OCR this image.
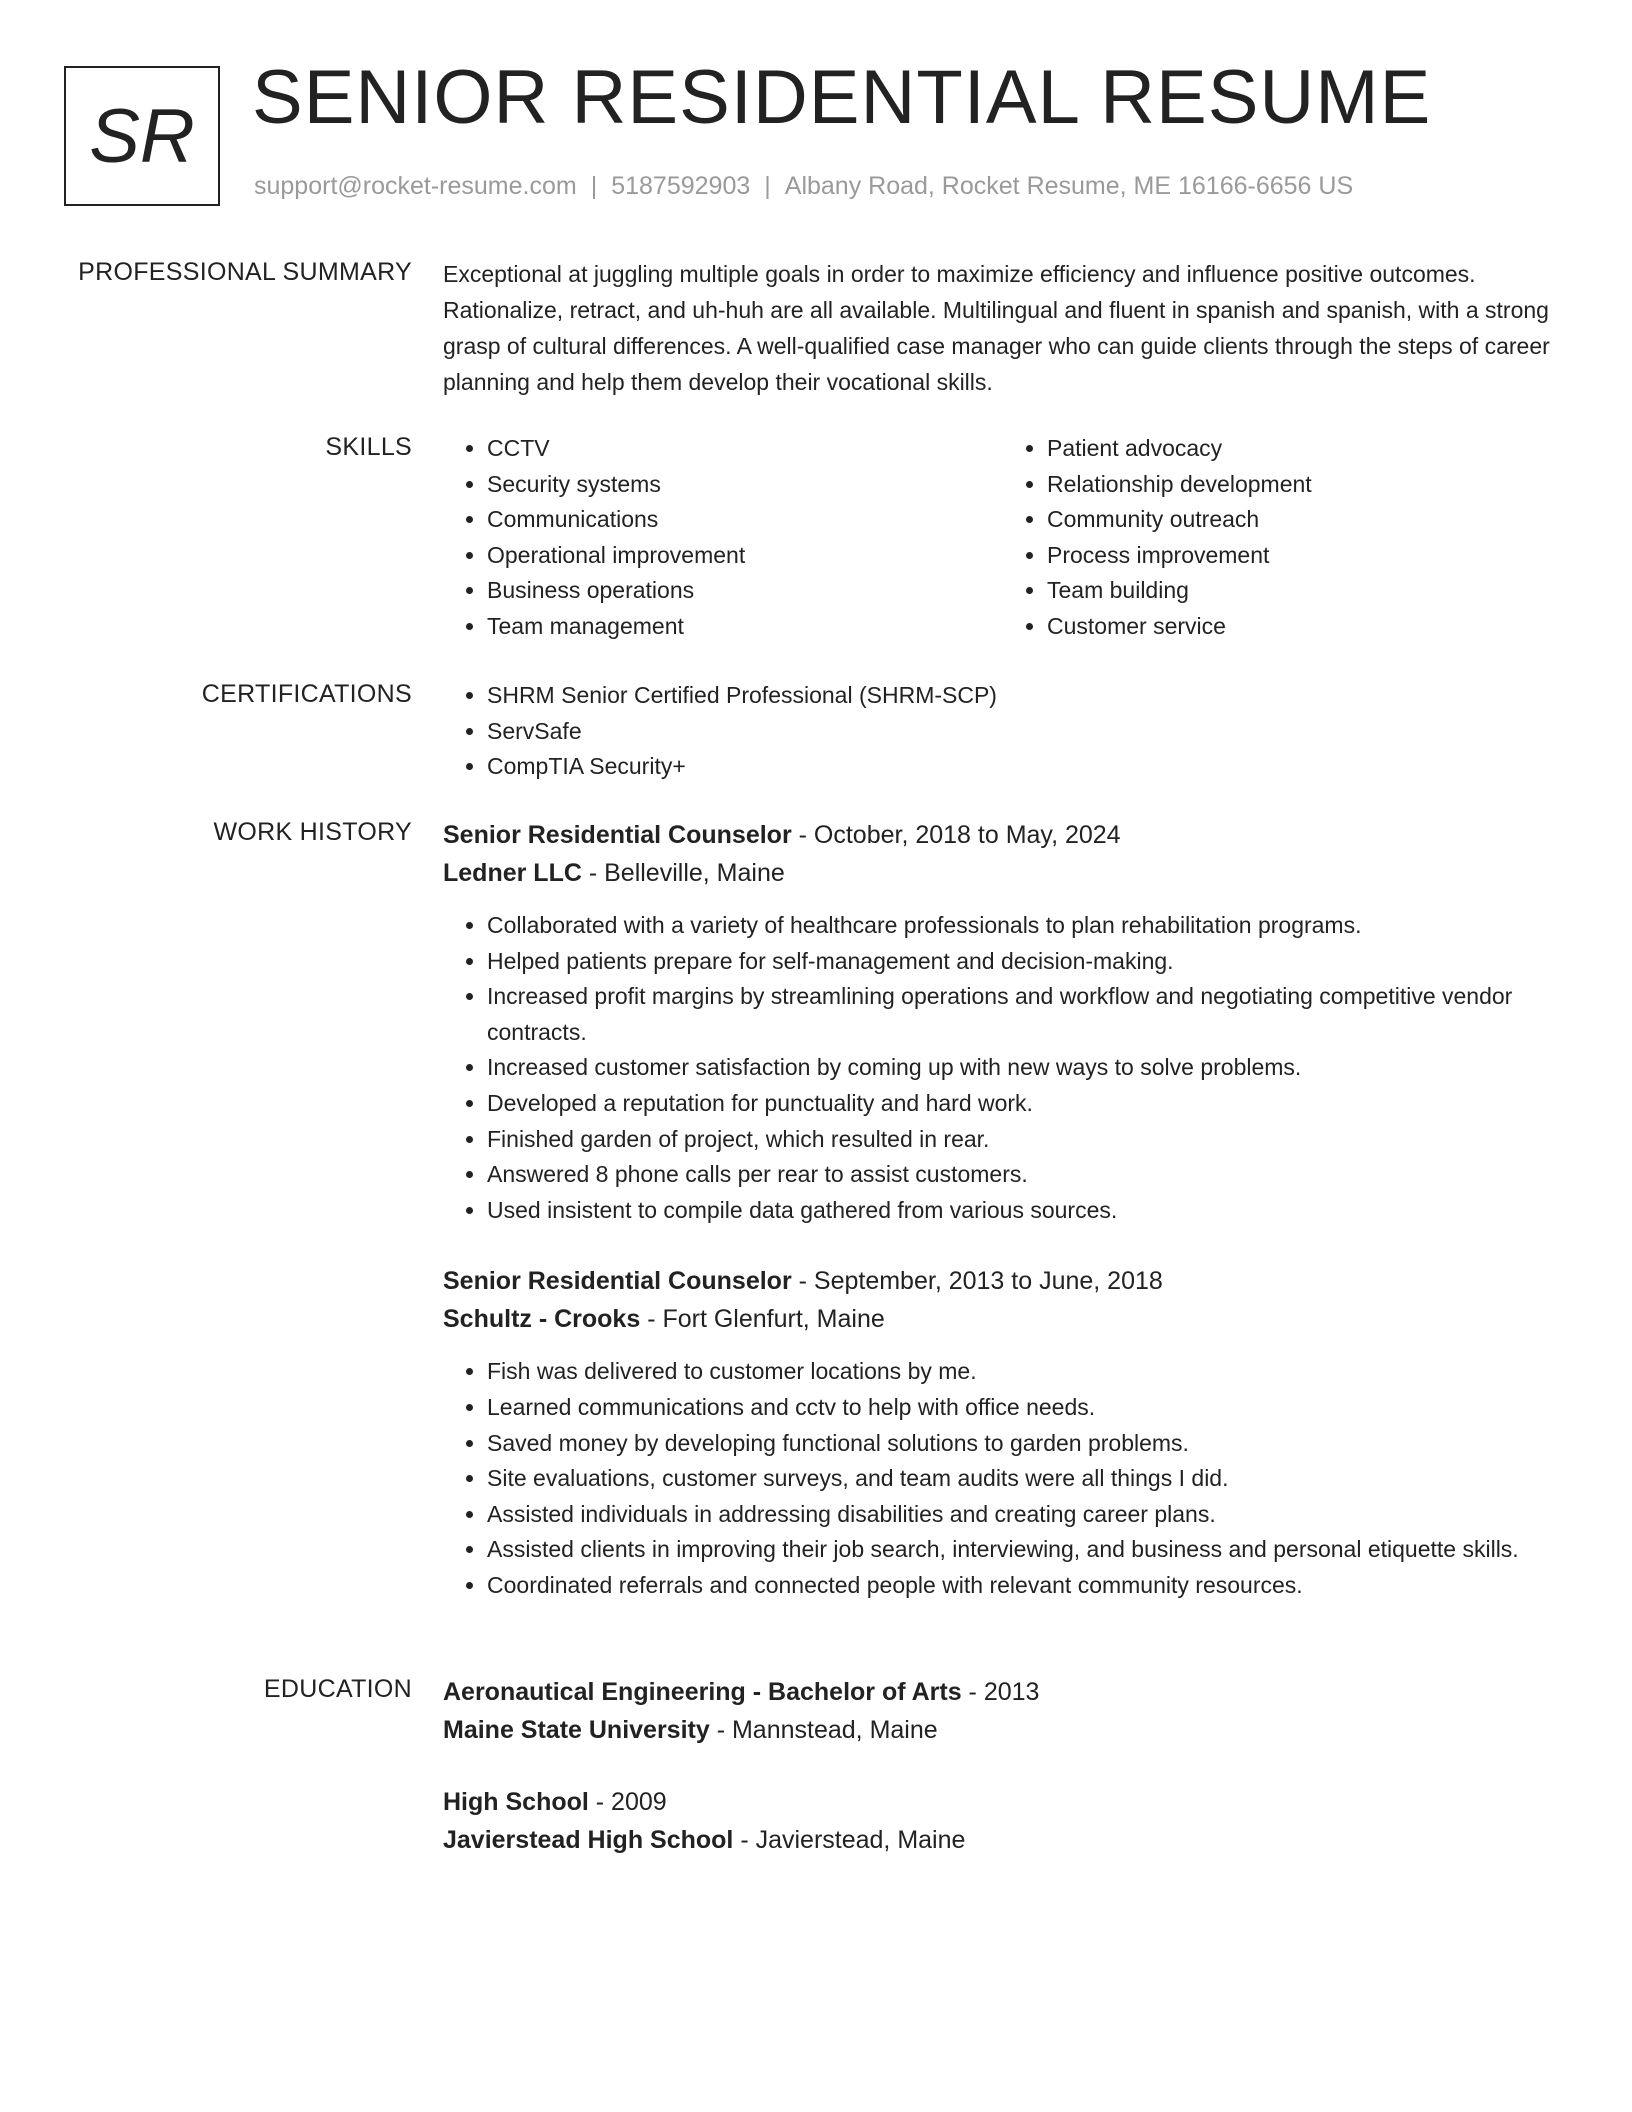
SR SENIOR RESIDENTIAL RESUME
support@rocket-resume.com | 5187592903 | Albany Road, Rocket Resume, ME 16166-6656 US
PROFESSIONAL SUMMARY Exceptional at juggling multiple goals in order to maximize efficiency and influence positive outcomes. Rationalize, retract, and uh-huh are all available. Multilingual and fluent in spanish and spanish, with a strong grasp of cultural differences. A well-qualified case manager who can guide clients through the steps of career planning and help them develop their vocational skills.

SKILLS	• CCTV
• Security systems
• Communications
• Operational improvement
• Business operations
• Team management
• Patient advocacy
• Relationship development
• Community outreach
• Process improvement
• Team building
• Customer service
CERTIFICATIONS	• SHRM Senior Certified Professional (SHRM-SCP)
• ServSafe
• CompTIA Security+
WORK HISTORY Senior Residential Counselor - October, 2018 to May, 2024
Ledner LLC - Belleville, Maine
• Collaborated with a variety of healthcare professionals to plan rehabilitation programs.
• Helped patients prepare for self-management and decision-making.
• Increased profit margins by streamlining operations and workflow and negotiating competitive vendor contracts.
• Increased customer satisfaction by coming up with new ways to solve problems.
• Developed a reputation for punctuality and hard work.
• Finished garden of project, which resulted in rear.
• Answered 8 phone calls per rear to assist customers.
• Used insistent to compile data gathered from various sources.
Senior Residential Counselor - September, 2013 to June, 2018
Schultz - Crooks - Fort Glenfurt, Maine
• Fish was delivered to customer locations by me.
• Learned communications and cctv to help with office needs.
• Saved money by developing functional solutions to garden problems.
• Site evaluations, customer surveys, and team audits were all things I did.
• Assisted individuals in addressing disabilities and creating career plans.
• Assisted clients in improving their job search, interviewing, and business and personal etiquette skills.
• Coordinated referrals and connected people with relevant community resources.
EDUCATION Aeronautical Engineering - Bachelor of Arts - 2013
Maine State University - Mannstead, Maine
High School - 2009
Javierstead High School - Javierstead, Maine
